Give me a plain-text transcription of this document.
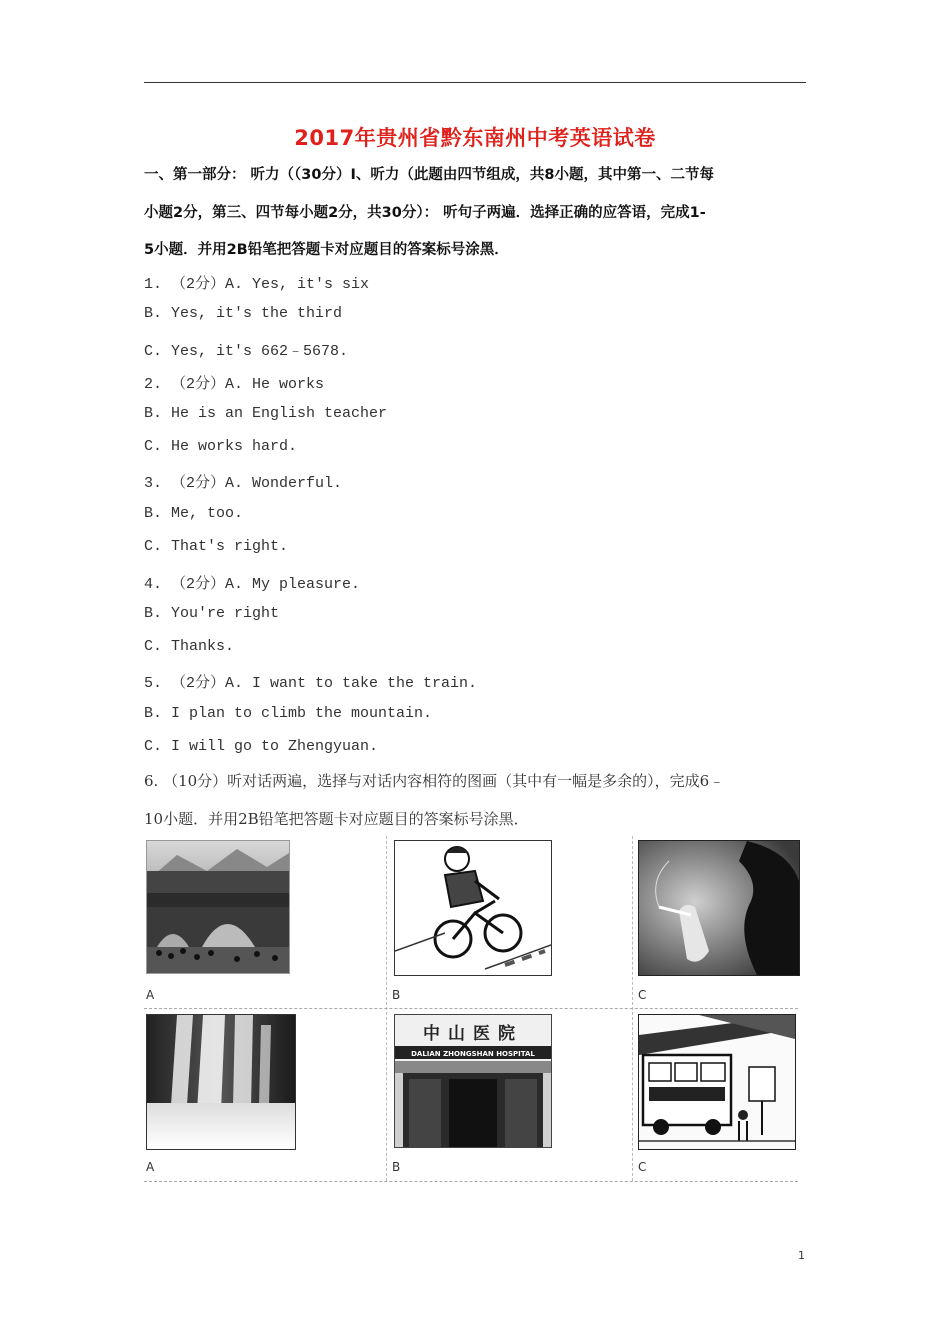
2017年贵州省黔东南州中考英语试卷
一、第一部分： 听力（（30分）I、听力（此题由四节组成，共8小题，其中第一、二节每
小题2分，第三、四节每小题2分，共30分）： 听句子两遍．选择正确的应答语，完成1-
5小题．并用2B铅笔把答题卡对应题目的答案标号涂黑．
1. （2分）A. Yes, it's six
B. Yes, it's the third
C. Yes, it's 662﹣5678.
2. （2分）A. He works
B. He is an English teacher
C. He works hard.
3. （2分）A. Wonderful.
B. Me, too.
C. That's right.
4. （2分）A. My pleasure.
B. You're right
C. Thanks.
5. （2分）A. I want to take the train.
B. I plan to climb the mountain.
C. I will go to Zhengyuan.
6. （10分）听对话两遍，选择与对话内容相符的图画（其中有一幅是多余的），完成6﹣
10小题．并用2B铅笔把答题卡对应题目的答案标号涂黑．
A	B	C
A
中山医院
DALIAN ZHONGSHAN HOSPITAL
B	C
1
